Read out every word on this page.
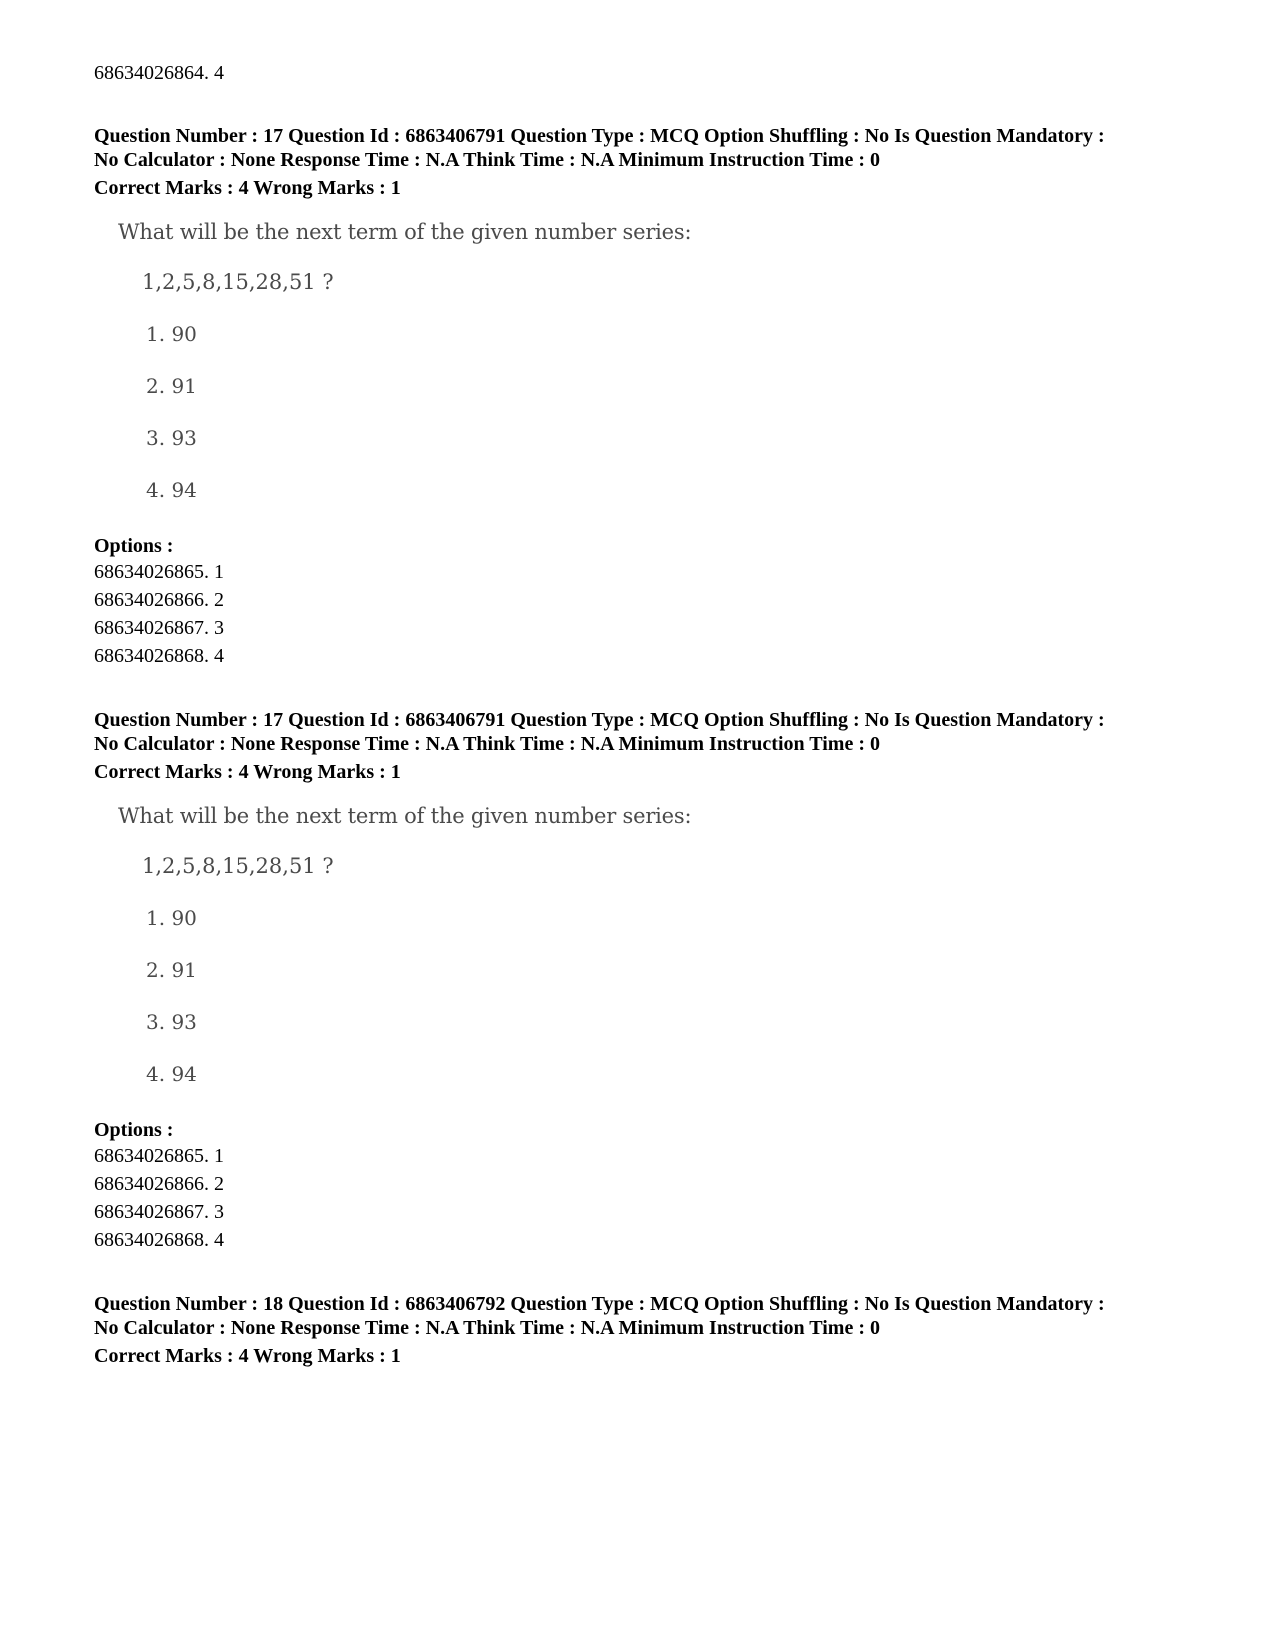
68634026864. 4
Question Number : 17 Question Id : 6863406791 Question Type : MCQ Option Shuffling : No Is Question Mandatory :
No Calculator : None Response Time : N.A Think Time : N.A Minimum Instruction Time : 0
Correct Marks : 4 Wrong Marks : 1
What will be the next term of the given number series:
1,2,5,8,15,28,51 ?
1. 90
2. 91
3. 93
4. 94
Options :
68634026865. 1
68634026866. 2
68634026867. 3
68634026868. 4
Question Number : 17 Question Id : 6863406791 Question Type : MCQ Option Shuffling : No Is Question Mandatory :
No Calculator : None Response Time : N.A Think Time : N.A Minimum Instruction Time : 0
Correct Marks : 4 Wrong Marks : 1
What will be the next term of the given number series:
1,2,5,8,15,28,51 ?
1. 90
2. 91
3. 93
4. 94
Options :
68634026865. 1
68634026866. 2
68634026867. 3
68634026868. 4
Question Number : 18 Question Id : 6863406792 Question Type : MCQ Option Shuffling : No Is Question Mandatory :
No Calculator : None Response Time : N.A Think Time : N.A Minimum Instruction Time : 0
Correct Marks : 4 Wrong Marks : 1
